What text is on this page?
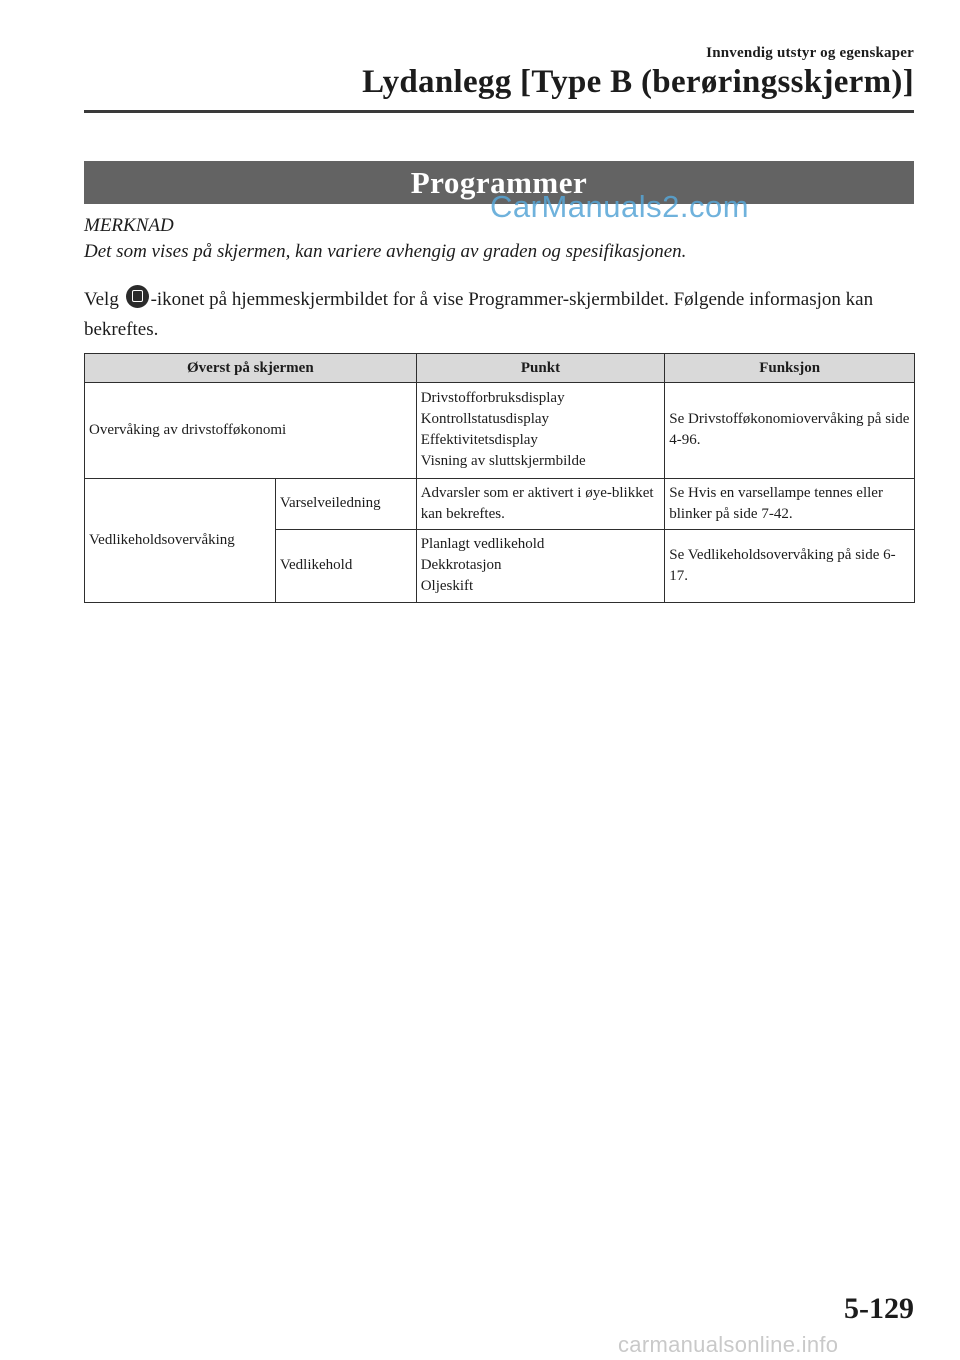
Innvendig utstyr og egenskaper
Lydanlegg [Type B (berøringsskjerm)]
Programmer
CarManuals2.com
MERKNAD
Det som vises på skjermen, kan variere avhengig av graden og spesifikasjonen.
Velg -ikonet på hjemmeskjermbildet for å vise Programmer-skjermbildet. Følgende informasjon kan bekreftes.
Øverst på skjermen		Punkt	Funksjon
Overvåking av drivstofføkonomi		Drivstofforbruksdisplay
Kontrollstatusdisplay
Effektivitetsdisplay
Visning av sluttskjermbilde	Se Drivstofføkonomiovervåking på side 4-96.
Vedlikeholdsovervåking	Varselveiledning	Advarsler som er aktivert i øye-blikket kan bekreftes.	Se Hvis en varsellampe tennes eller blinker på side 7-42.
	Vedlikehold	Planlagt vedlikehold
Dekkrotasjon
Oljeskift	Se Vedlikeholdsovervåking på side 6-17.
5-129
carmanualsonline.info
